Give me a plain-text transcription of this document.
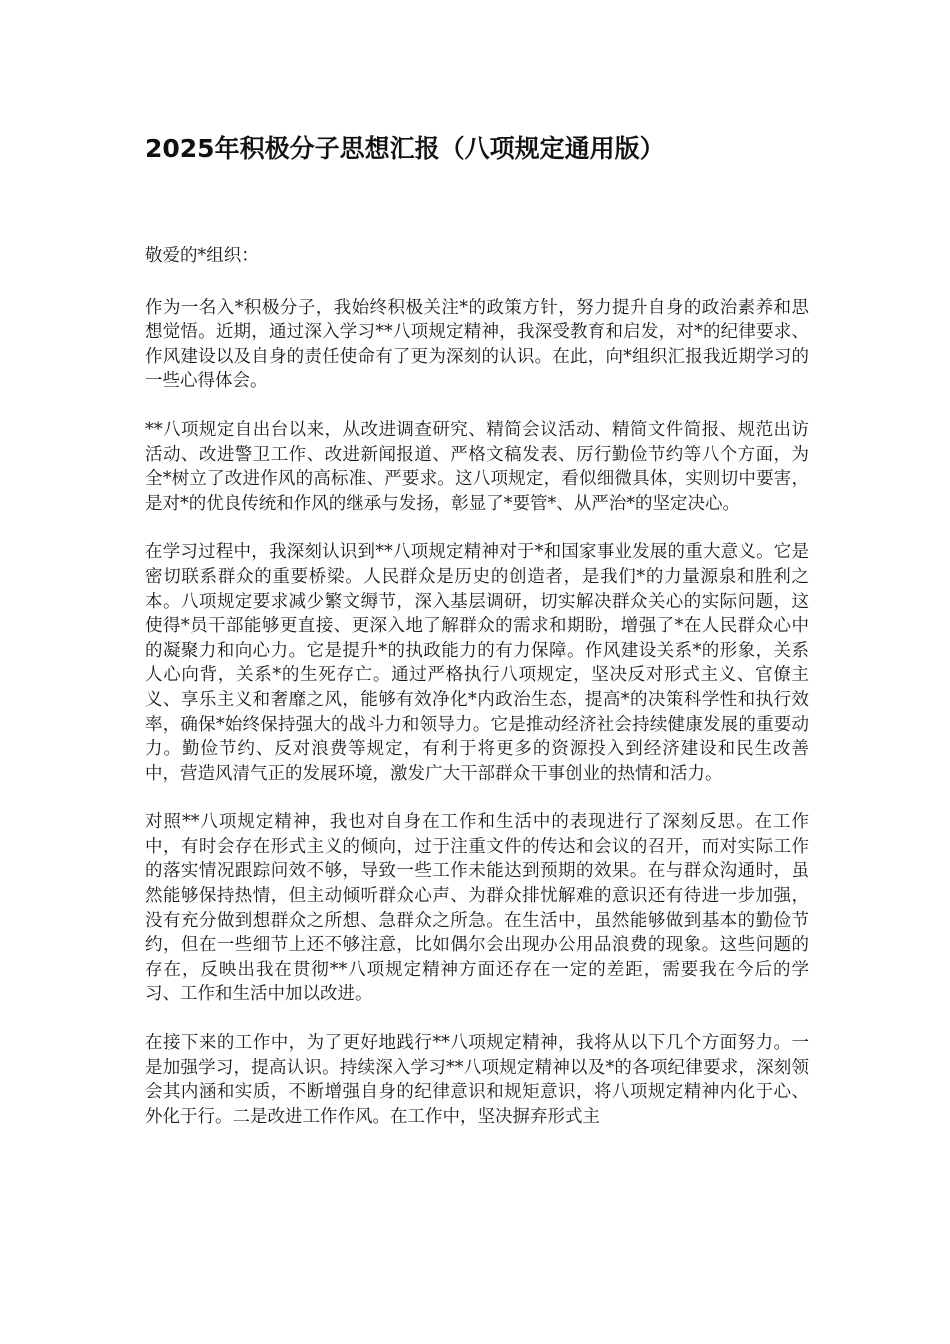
2025年积极分子思想汇报（八项规定通用版）

敬爱的*组织：

作为一名入*积极分子，我始终积极关注*的政策方针，努力提升自身的政治素养和思想觉悟。近期，通过深入学习**八项规定精神，我深受教育和启发，对*的纪律要求、作风建设以及自身的责任使命有了更为深刻的认识。在此，向*组织汇报我近期学习的一些心得体会。

**八项规定自出台以来，从改进调查研究、精简会议活动、精简文件简报、规范出访活动、改进警卫工作、改进新闻报道、严格文稿发表、厉行勤俭节约等八个方面，为全*树立了改进作风的高标准、严要求。这八项规定，看似细微具体，实则切中要害，是对*的优良传统和作风的继承与发扬，彰显了*要管*、从严治*的坚定决心。

在学习过程中，我深刻认识到**八项规定精神对于*和国家事业发展的重大意义。它是密切联系群众的重要桥梁。人民群众是历史的创造者，是我们*的力量源泉和胜利之本。八项规定要求减少繁文缛节，深入基层调研，切实解决群众关心的实际问题，这使得*员干部能够更直接、更深入地了解群众的需求和期盼，增强了*在人民群众心中的凝聚力和向心力。它是提升*的执政能力的有力保障。作风建设关系*的形象，关系人心向背，关系*的生死存亡。通过严格执行八项规定，坚决反对形式主义、官僚主义、享乐主义和奢靡之风，能够有效净化*内政治生态，提高*的决策科学性和执行效率，确保*始终保持强大的战斗力和领导力。它是推动经济社会持续健康发展的重要动力。勤俭节约、反对浪费等规定，有利于将更多的资源投入到经济建设和民生改善中，营造风清气正的发展环境，激发广大干部群众干事创业的热情和活力。

对照**八项规定精神，我也对自身在工作和生活中的表现进行了深刻反思。在工作中，有时会存在形式主义的倾向，过于注重文件的传达和会议的召开，而对实际工作的落实情况跟踪问效不够，导致一些工作未能达到预期的效果。在与群众沟通时，虽然能够保持热情，但主动倾听群众心声、为群众排忧解难的意识还有待进一步加强，没有充分做到想群众之所想、急群众之所急。在生活中，虽然能够做到基本的勤俭节约，但在一些细节上还不够注意，比如偶尔会出现办公用品浪费的现象。这些问题的存在，反映出我在贯彻**八项规定精神方面还存在一定的差距，需要我在今后的学习、工作和生活中加以改进。

在接下来的工作中，为了更好地践行**八项规定精神，我将从以下几个方面努力。一是加强学习，提高认识。持续深入学习**八项规定精神以及*的各项纪律要求，深刻领会其内涵和实质，不断增强自身的纪律意识和规矩意识，将八项规定精神内化于心、外化于行。二是改进工作作风。在工作中，坚决摒弃形式主
